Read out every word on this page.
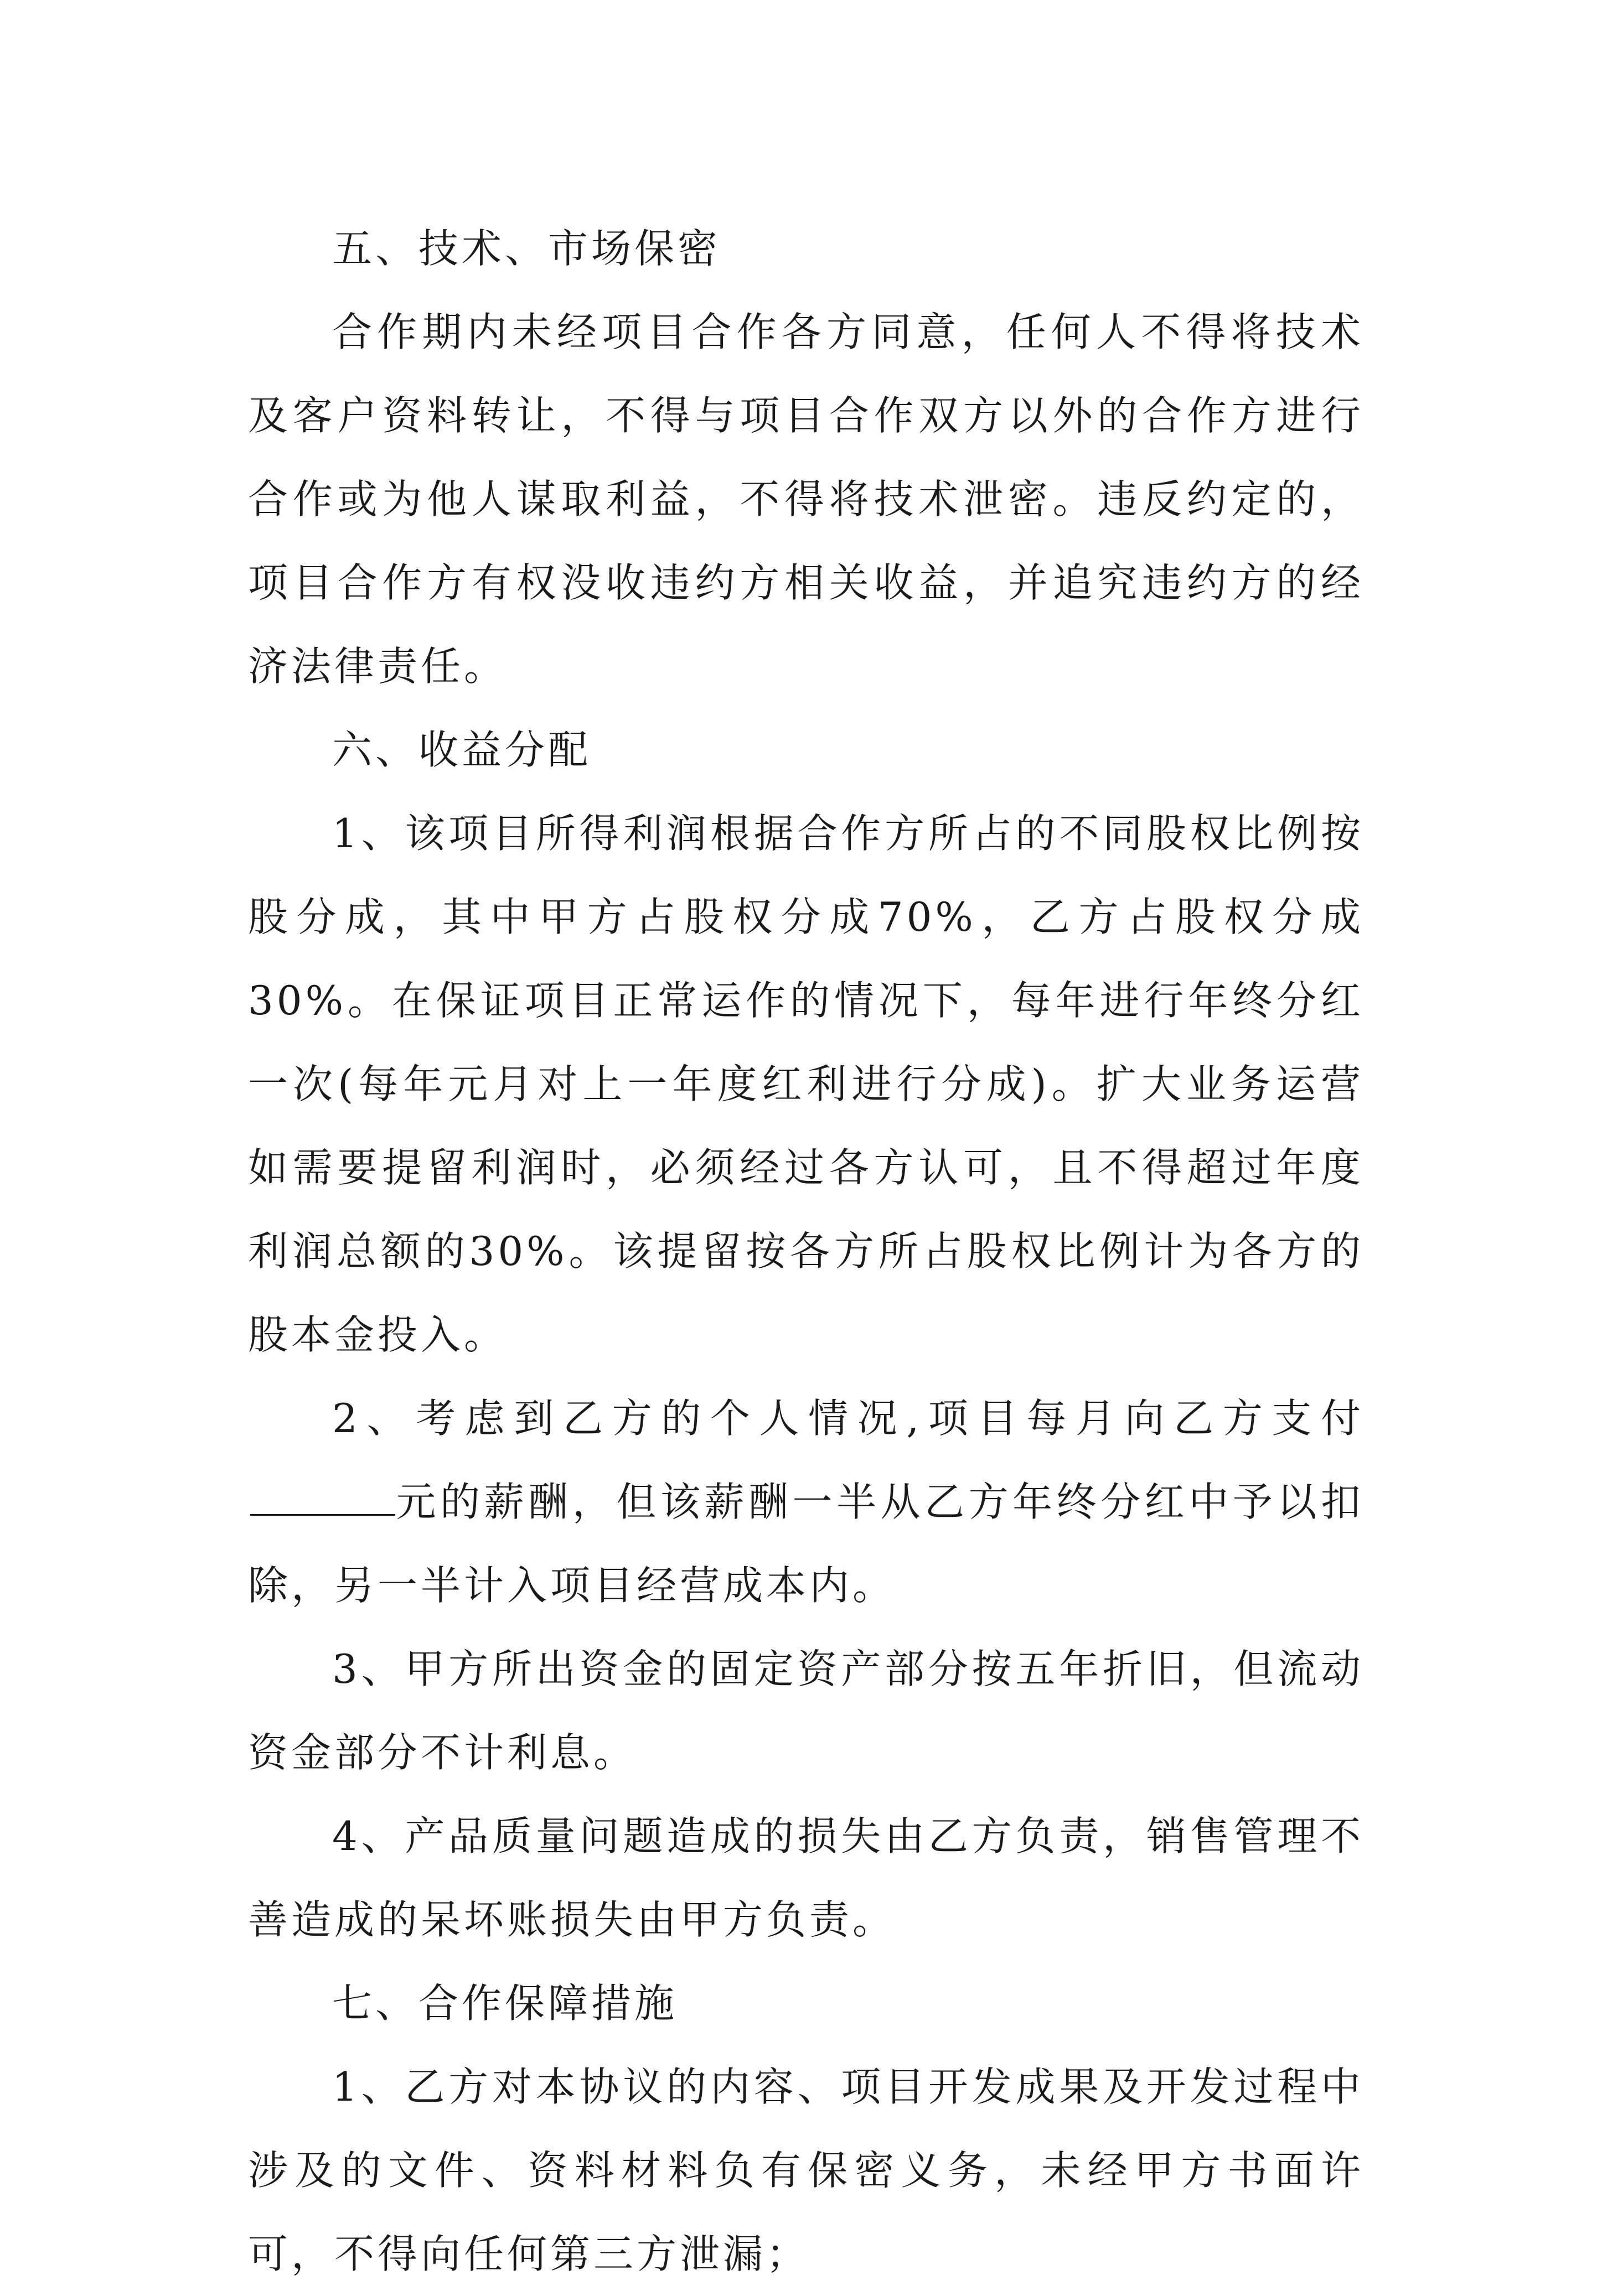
五、技术、市场保密

合作期内未经项目合作各方同意，任何人不得将技术及客户资料转让，不得与项目合作双方以外的合作方进行合作或为他人谋取利益，不得将技术泄密。违反约定的，项目合作方有权没收违约方相关收益，并追究违约方的经济法律责任。

六、收益分配

1、该项目所得利润根据合作方所占的不同股权比例按股分成，其中甲方占股权分成70%，乙方占股权分成30%。在保证项目正常运作的情况下，每年进行年终分红一次(每年元月对上一年度红利进行分成)。扩大业务运营如需要提留利润时，必须经过各方认可，且不得超过年度利润总额的30%。该提留按各方所占股权比例计为各方的股本金投入。

2、考虑到乙方的个人情况,项目每月向乙方支付元的薪酬，但该薪酬一半从乙方年终分红中予以扣除，另一半计入项目经营成本内。

3、甲方所出资金的固定资产部分按五年折旧，但流动资金部分不计利息。

4、产品质量问题造成的损失由乙方负责，销售管理不善造成的呆坏账损失由甲方负责。

七、合作保障措施

1、乙方对本协议的内容、项目开发成果及开发过程中涉及的文件、资料材料负有保密义务，未经甲方书面许可，不得向任何第三方泄漏；
